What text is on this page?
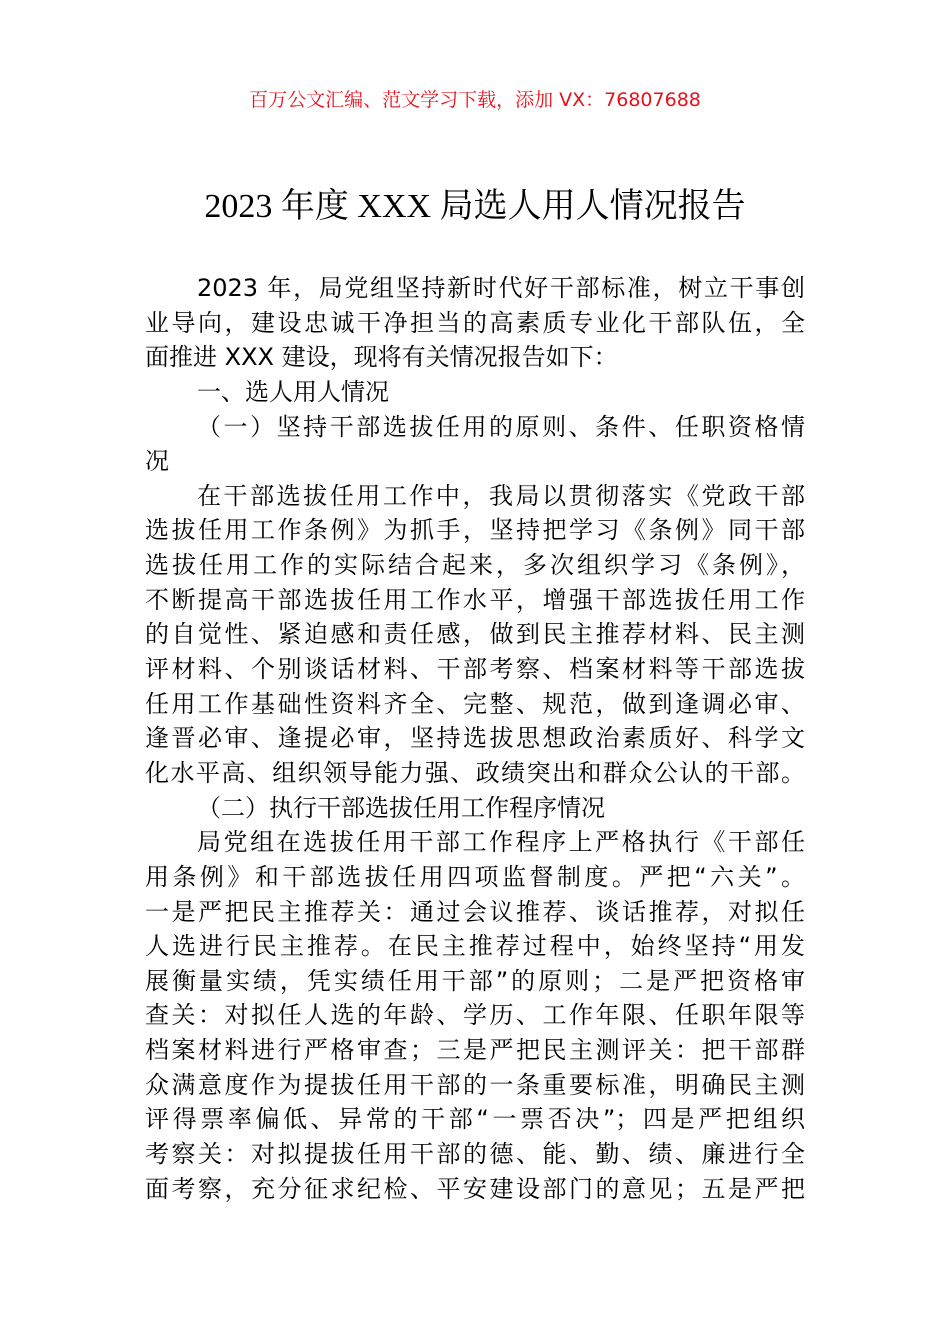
百万公文汇编、范文学习下载，添加 VX：76807688
2023 年度 XXX 局选人用人情况报告
2023 年，局党组坚持新时代好干部标准，树立干事创
业导向，建设忠诚干净担当的高素质专业化干部队伍，全
面推进 XXX 建设，现将有关情况报告如下：
一、选人用人情况
（一）坚持干部选拔任用的原则、条件、任职资格情
况
在干部选拔任用工作中，我局以贯彻落实《党政干部
选拔任用工作条例》为抓手，坚持把学习《条例》同干部
选拔任用工作的实际结合起来，多次组织学习《条例》，
不断提高干部选拔任用工作水平，增强干部选拔任用工作
的自觉性、紧迫感和责任感，做到民主推荐材料、民主测
评材料、个别谈话材料、干部考察、档案材料等干部选拔
任用工作基础性资料齐全、完整、规范，做到逢调必审、
逢晋必审、逢提必审，坚持选拔思想政治素质好、科学文
化水平高、组织领导能力强、政绩突出和群众公认的干部。
（二）执行干部选拔任用工作程序情况
局党组在选拔任用干部工作程序上严格执行《干部任
用条例》和干部选拔任用四项监督制度。严把“六关”。
一是严把民主推荐关：通过会议推荐、谈话推荐，对拟任
人选进行民主推荐。在民主推荐过程中，始终坚持“用发
展衡量实绩，凭实绩任用干部”的原则；二是严把资格审
查关：对拟任人选的年龄、学历、工作年限、任职年限等
档案材料进行严格审查；三是严把民主测评关：把干部群
众满意度作为提拔任用干部的一条重要标准，明确民主测
评得票率偏低、异常的干部“一票否决”；四是严把组织
考察关：对拟提拔任用干部的德、能、勤、绩、廉进行全
面考察，充分征求纪检、平安建设部门的意见；五是严把
